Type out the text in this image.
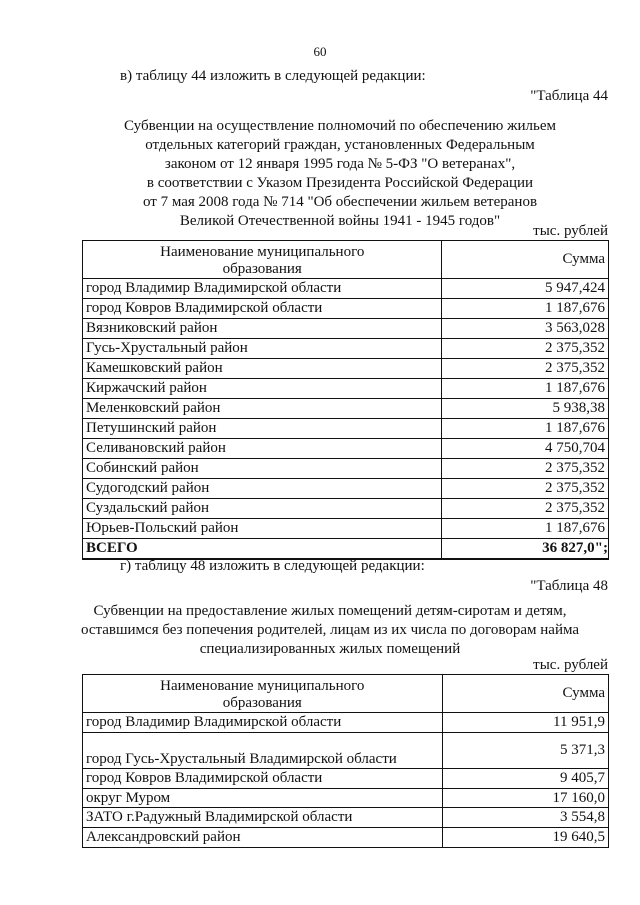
60
в) таблицу 44 изложить в следующей редакции:
"Таблица 44
Субвенции на осуществление полномочий по обеспечению жильем
отдельных категорий граждан, установленных Федеральным
законом от 12 января 1995 года № 5-ФЗ "О ветеранах",
в соответствии с Указом Президента Российской Федерации
от 7 мая 2008 года № 714 "Об обеспечении жильем ветеранов
Великой Отечественной войны 1941 - 1945 годов"
тыс. рублей
Наименование муниципального
образования	Сумма
город Владимир Владимирской области	5 947,424
город Ковров Владимирской области	1 187,676
Вязниковский район	3 563,028
Гусь-Хрустальный район	2 375,352
Камешковский район	2 375,352
Киржачский район	1 187,676
Меленковский район	5 938,38
Петушинский район	1 187,676
Селивановский район	4 750,704
Собинский район	2 375,352
Судогодский район	2 375,352
Суздальский район	2 375,352
Юрьев-Польский район	1 187,676
ВСЕГО	36 827,0";
г) таблицу 48 изложить в следующей редакции:
"Таблица 48
Субвенции на предоставление жилых помещений детям-сиротам и детям,
оставшимся без попечения родителей, лицам из их числа по договорам найма
специализированных жилых помещений
тыс. рублей
Наименование муниципального
образования	Сумма
город Владимир Владимирской области	11 951,9
город Гусь-Хрустальный Владимирской области	5 371,3
город Ковров Владимирской области	9 405,7
округ Муром	17 160,0
ЗАТО г.Радужный Владимирской области	3 554,8
Александровский район	19 640,5
